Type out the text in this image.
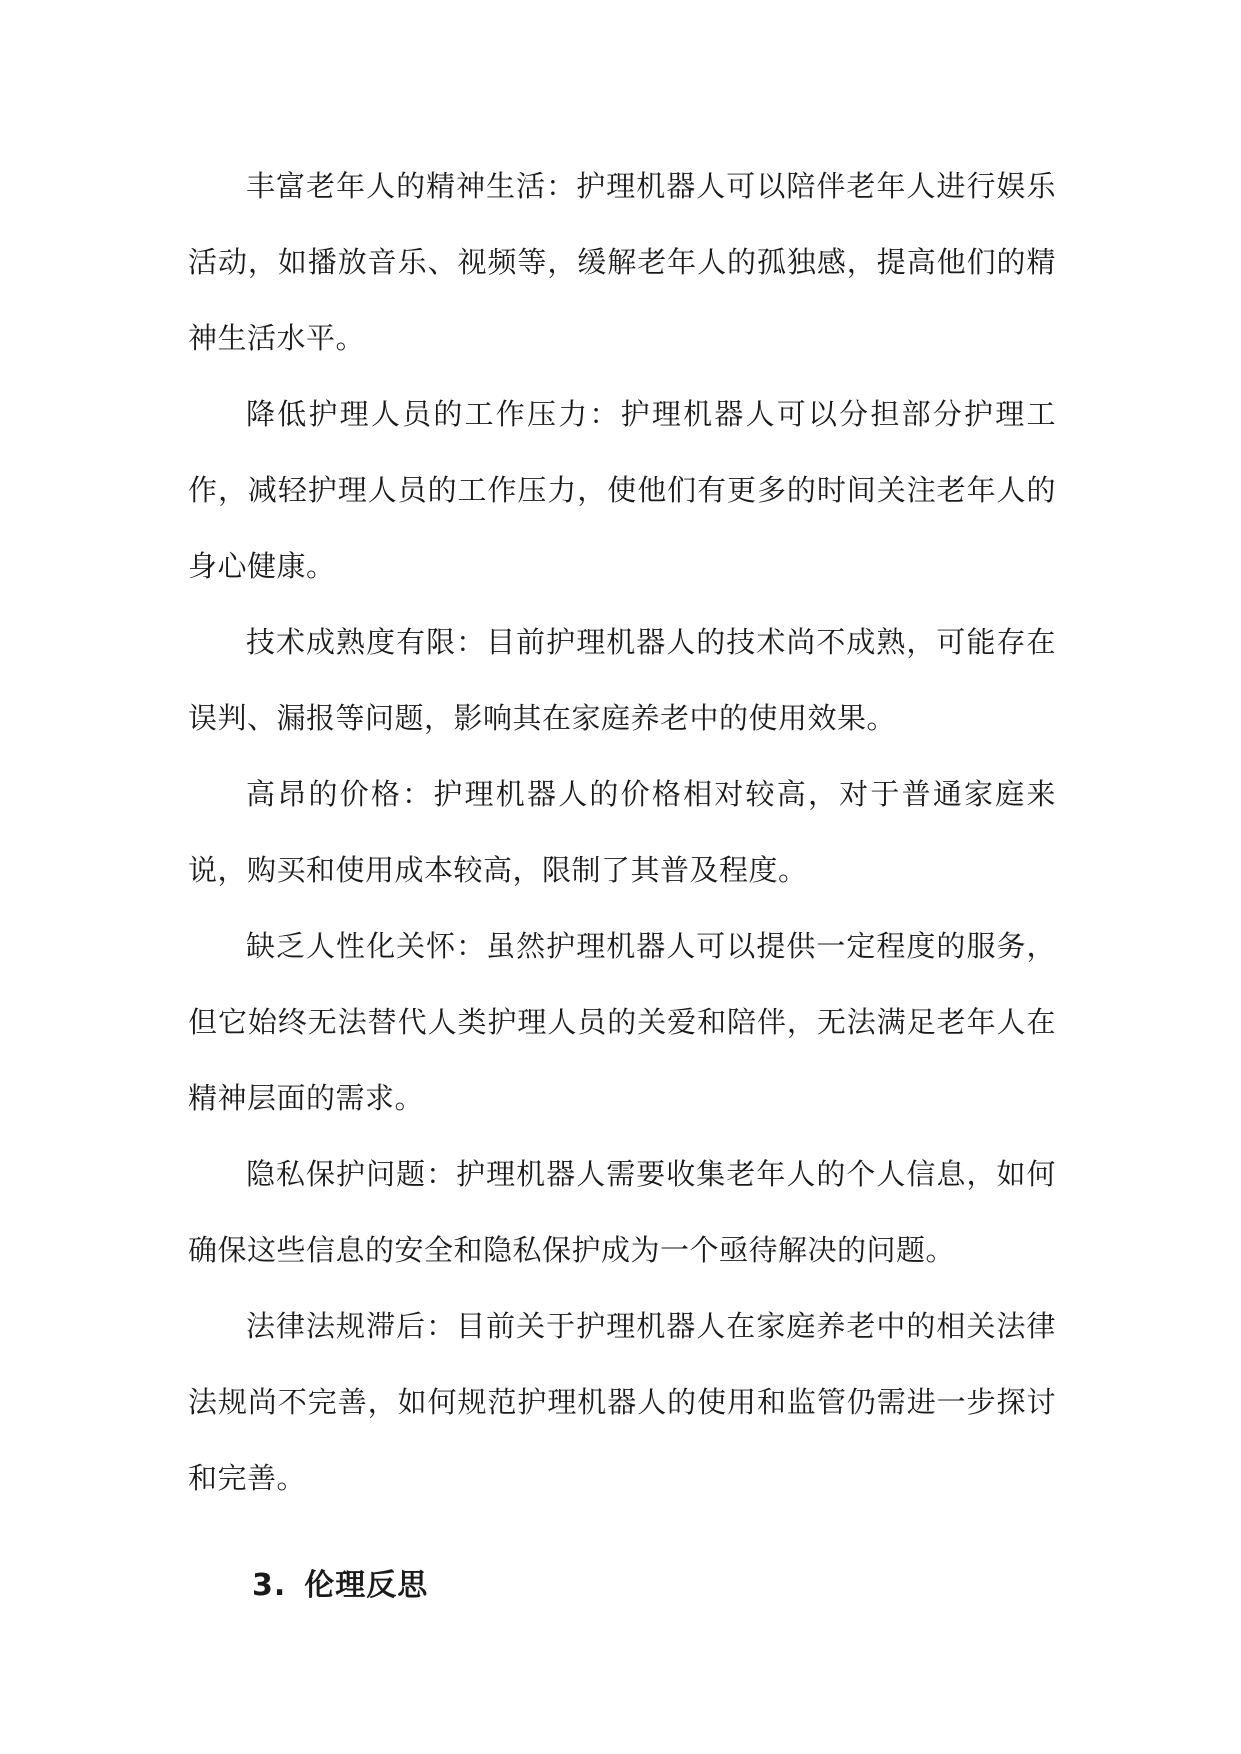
丰富老年人的精神生活：护理机器人可以陪伴老年人进行娱乐活动，如播放音乐、视频等，缓解老年人的孤独感，提高他们的精神生活水平。

降低护理人员的工作压力：护理机器人可以分担部分护理工作，减轻护理人员的工作压力，使他们有更多的时间关注老年人的身心健康。

技术成熟度有限：目前护理机器人的技术尚不成熟，可能存在误判、漏报等问题，影响其在家庭养老中的使用效果。

高昂的价格：护理机器人的价格相对较高，对于普通家庭来说，购买和使用成本较高，限制了其普及程度。

缺乏人性化关怀：虽然护理机器人可以提供一定程度的服务，但它始终无法替代人类护理人员的关爱和陪伴，无法满足老年人在精神层面的需求。

隐私保护问题：护理机器人需要收集老年人的个人信息，如何确保这些信息的安全和隐私保护成为一个亟待解决的问题。

法律法规滞后：目前关于护理机器人在家庭养老中的相关法律法规尚不完善，如何规范护理机器人的使用和监管仍需进一步探讨和完善。

3. 伦理反思
